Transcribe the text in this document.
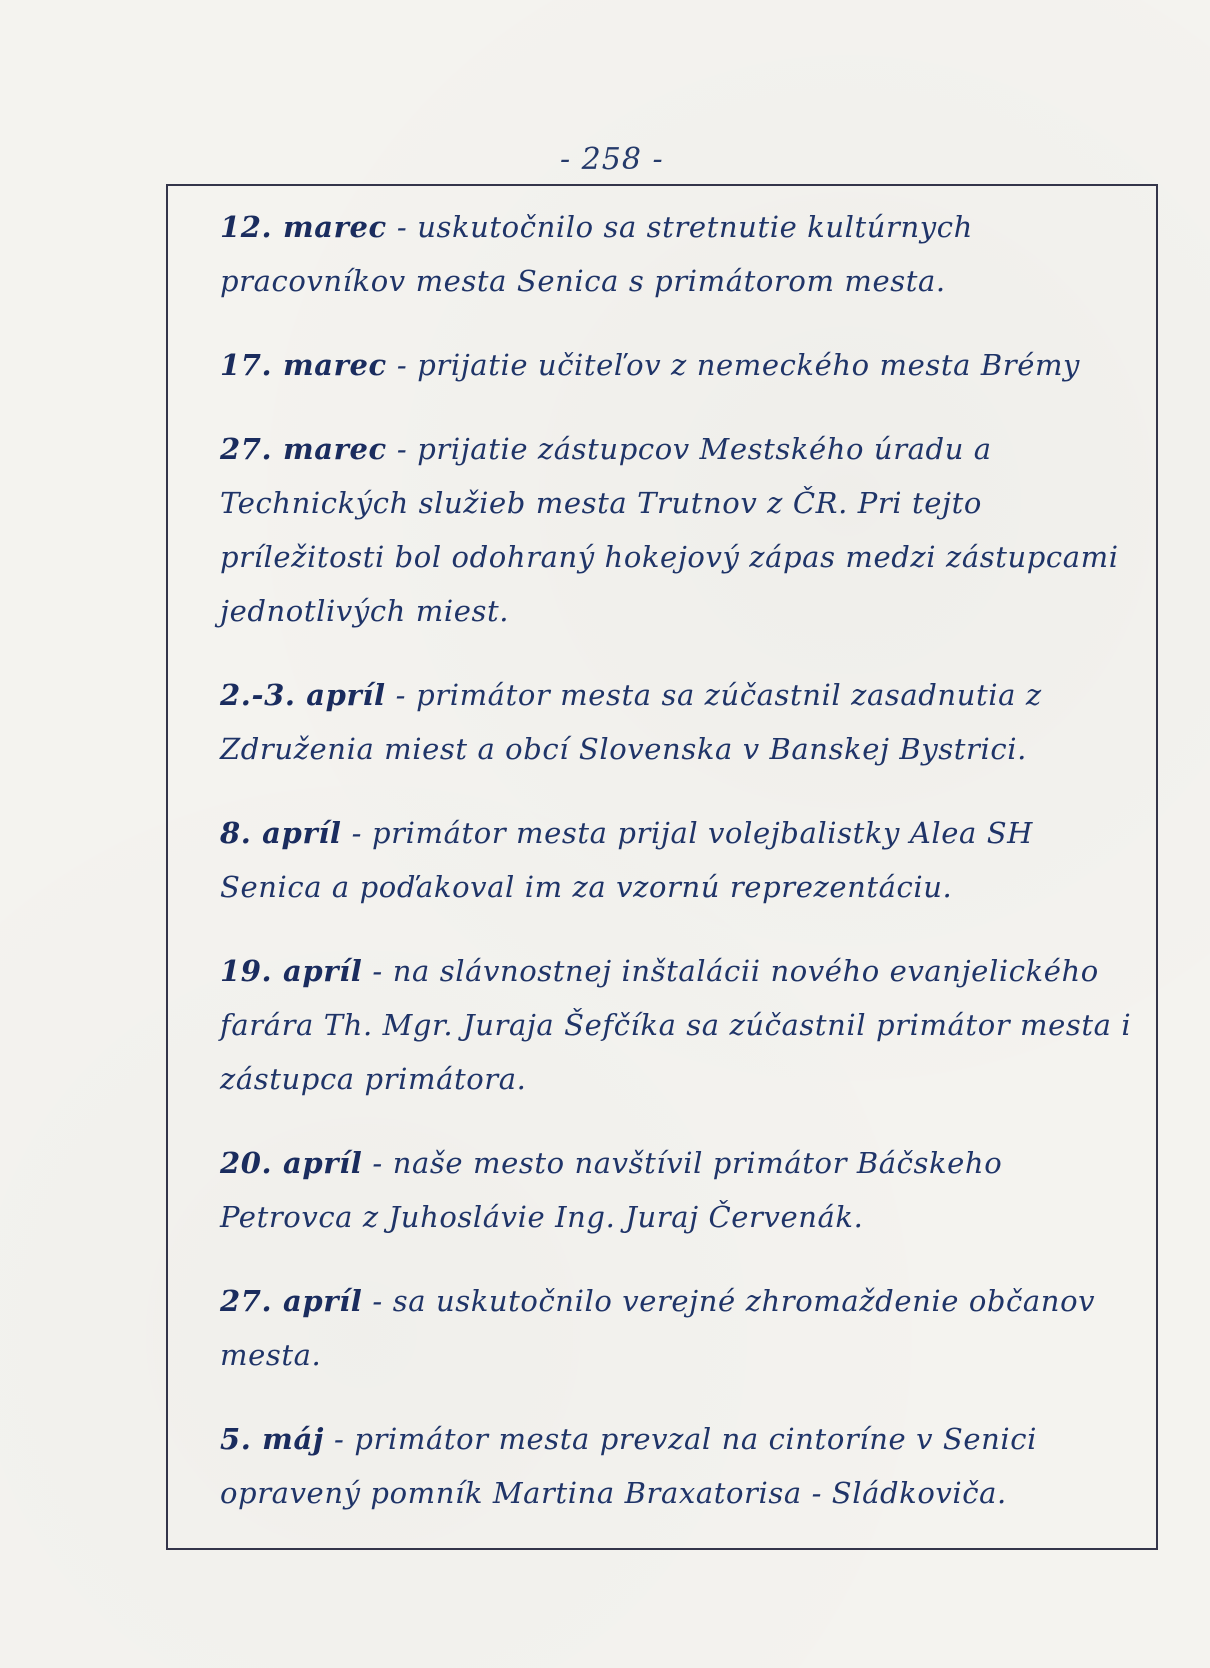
- 258 -
12. marec - uskutočnilo sa stretnutie kultúrnych pracovníkov mesta Senica s primátorom mesta.
17. marec - prijatie učiteľov z nemeckého mesta Brémy
27. marec - prijatie zástupcov Mestského úradu a Technických služieb mesta Trutnov z ČR. Pri tejto príležitosti bol odohraný hokejový zápas medzi zástupcami jednotlivých miest.
2.-3. apríl - primátor mesta sa zúčastnil zasadnutia z Združenia miest a obcí Slovenska v Banskej Bystrici.
8. apríl - primátor mesta prijal volejbalistky Alea SH Senica a poďakoval im za vzornú reprezentáciu.
19. apríl - na slávnostnej inštalácii nového evanjelického farára Th. Mgr. Juraja Šefčíka sa zúčastnil primátor mesta i zástupca primátora.
20. apríl - naše mesto navštívil primátor Báčskeho Petrovca z Juhoslávie Ing. Juraj Červenák.
27. apríl - sa uskutočnilo verejné zhromaždenie občanov mesta.
5. máj - primátor mesta prevzal na cintoríne v Senici opravený pomník Martina Braxatorisa - Sládkoviča.
